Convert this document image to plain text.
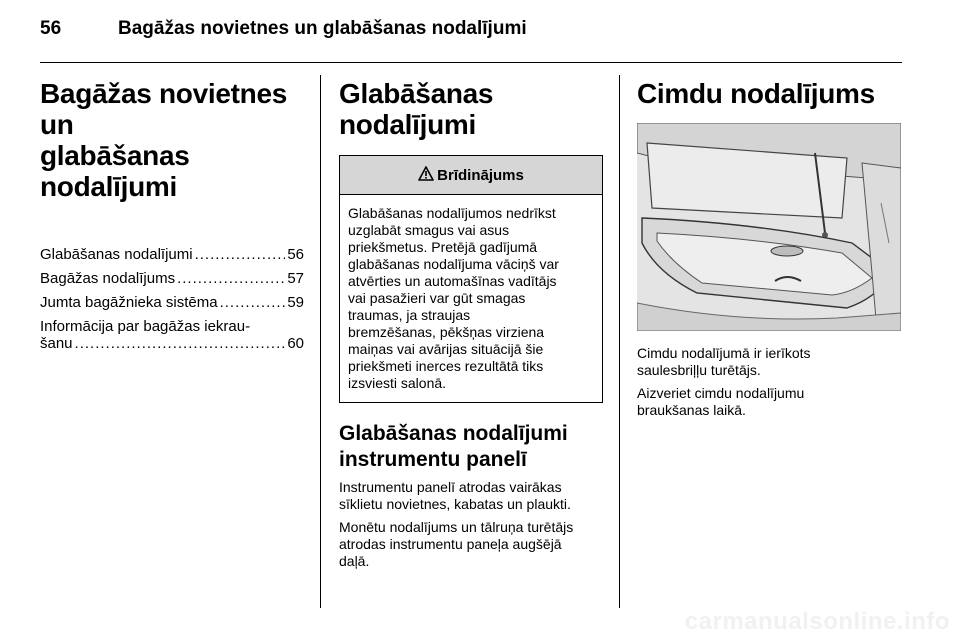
56	Bagāžas novietnes un glabāšanas nodalījumi
Bagāžas novietnes un
glabāšanas
nodalījumi
Glabāšanas nodalījumi .....	56
Bagāžas nodalījums .....	57
Jumta bagāžnieka sistēma .....	59
Informācija par bagāžas iekrau-
šanu .....	60
Glabāšanas nodalījumi
Brīdinājums
Glabāšanas nodalījumos nedrīkst
uzglabāt smagus vai asus
priekšmetus. Pretējā gadījumā
glabāšanas nodalījuma vāciņš var
atvērties un automašīnas vadītājs
vai pasažieri var gūt smagas
traumas, ja straujas
bremzēšanas, pēkšņas virziena
maiņas vai avārijas situācijā šie
priekšmeti inerces rezultātā tiks
izsviesti salonā.
Glabāšanas nodalījumi
instrumentu panelī

Instrumentu panelī atrodas vairākas
sīklietu novietnes, kabatas un plaukti.

Monētu nodalījums un tālruņa turētājs
atrodas instrumentu paneļa augšējā
daļā.

Cimdu nodalījums

Cimdu nodalījumā ir ierīkots
saulesbriļļu turētājs.

Aizveriet cimdu nodalījumu
braukšanas laikā.

carmanualsonline.info
